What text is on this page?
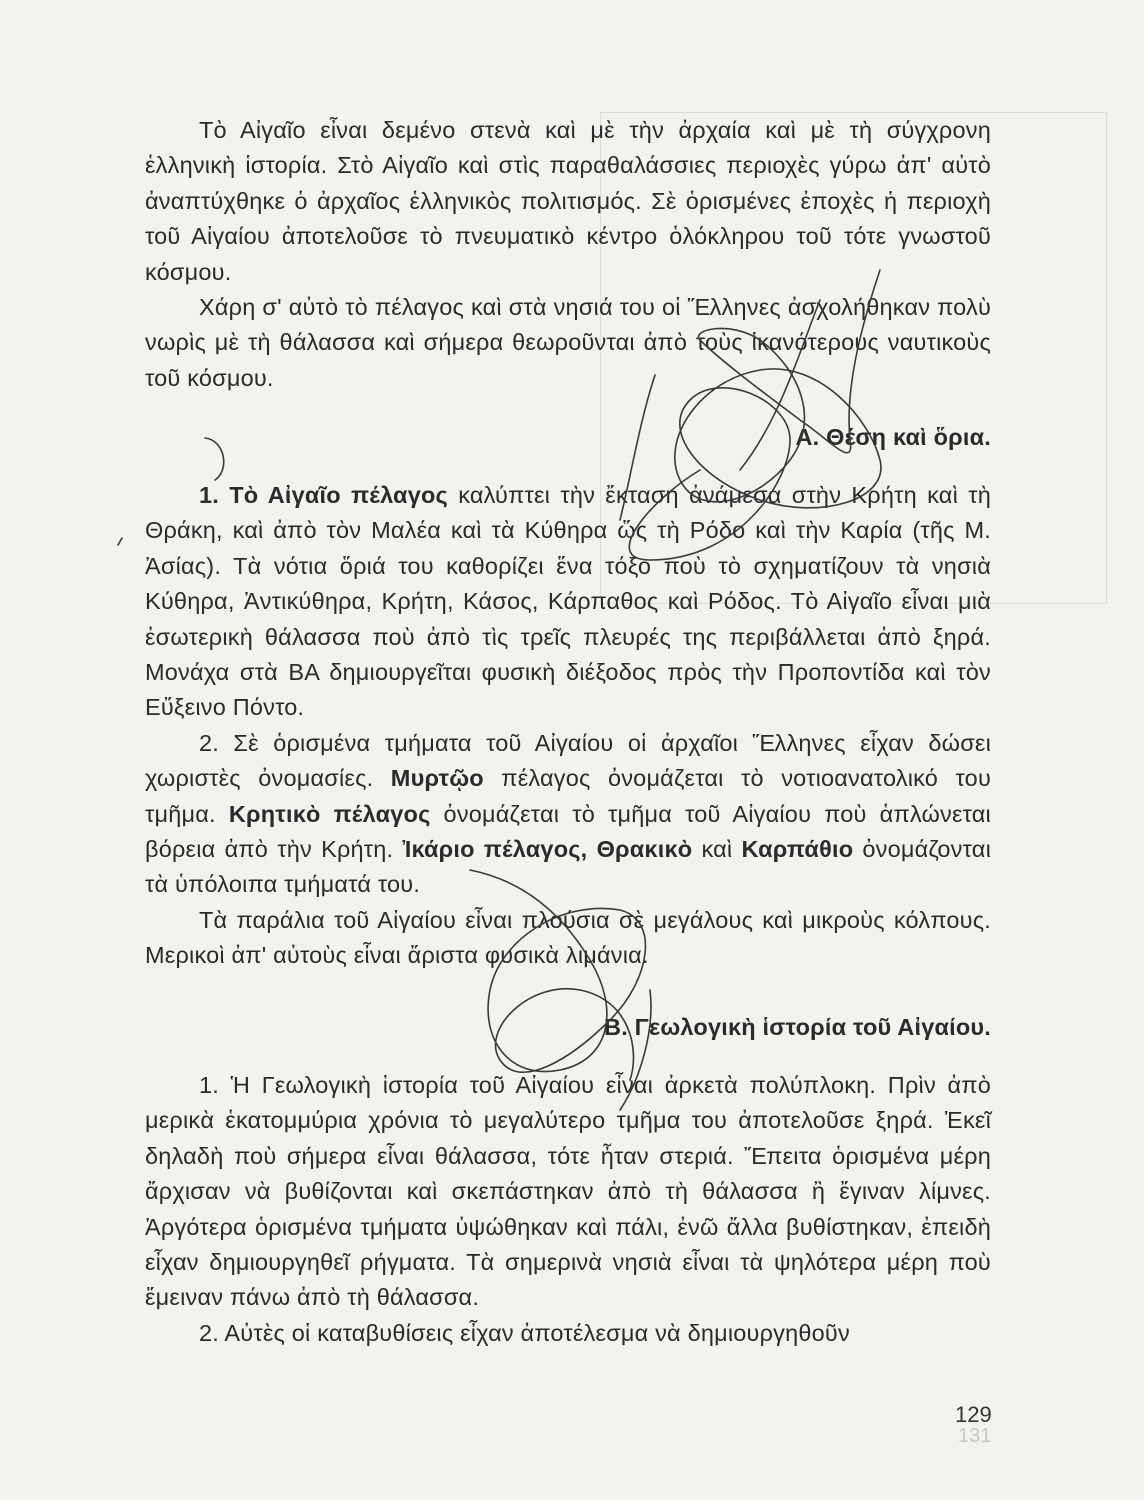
Τὸ Αἰγαῖο εἶναι δεμένο στενὰ καὶ μὲ τὴν ἀρχαία καὶ μὲ τὴ σύγχρονη ἑλληνικὴ ἱστορία. Στὸ Αἰγαῖο καὶ στὶς παραθαλάσσιες περιοχὲς γύρω ἀπ' αὐτὸ ἀναπτύχθηκε ὁ ἀρχαῖος ἑλληνικὸς πολιτισμός. Σὲ ὁρισμένες ἐποχὲς ἡ περιοχὴ τοῦ Αἰγαίου ἀποτελοῦσε τὸ πνευματικὸ κέντρο ὁλόκληρου τοῦ τότε γνωστοῦ κόσμου.

Χάρη σ' αὐτὸ τὸ πέλαγος καὶ στὰ νησιά του οἱ Ἕλληνες ἀσχολήθηκαν πολὺ νωρὶς μὲ τὴ θάλασσα καὶ σήμερα θεωροῦνται ἀπὸ τοὺς ἱκανότερους ναυτικοὺς τοῦ κόσμου.

Α. Θέση καὶ ὅρια.

1. Τὸ Αἰγαῖο πέλαγος καλύπτει τὴν ἔκταση ἀνάμεσα στὴν Κρήτη καὶ τὴ Θράκη, καὶ ἀπὸ τὸν Μαλέα καὶ τὰ Κύθηρα ὥς τὴ Ρόδο καὶ τὴν Καρία (τῆς Μ. Ἀσίας). Τὰ νότια ὅριά του καθορίζει ἕνα τόξο ποὺ τὸ σχηματίζουν τὰ νησιὰ Κύθηρα, Ἀντικύθηρα, Κρήτη, Κάσος, Κάρπαθος καὶ Ρόδος. Τὸ Αἰγαῖο εἶναι μιὰ ἐσωτερικὴ θάλασσα ποὺ ἀπὸ τὶς τρεῖς πλευρές της περιβάλλεται ἀπὸ ξηρά. Μονάχα στὰ ΒΑ δημιουργεῖται φυσικὴ διέξοδος πρὸς τὴν Προποντίδα καὶ τὸν Εὔξεινο Πόντο.

2. Σὲ ὁρισμένα τμήματα τοῦ Αἰγαίου οἱ ἀρχαῖοι Ἕλληνες εἶχαν δώσει χωριστὲς ὀνομασίες. Μυρτῷο πέλαγος ὀνομάζεται τὸ νοτιοανατολικό του τμῆμα. Κρητικὸ πέλαγος ὀνομάζεται τὸ τμῆμα τοῦ Αἰγαίου ποὺ ἁπλώνεται βόρεια ἀπὸ τὴν Κρήτη. Ἰκάριο πέλαγος, Θρακικὸ καὶ Καρπάθιο ὀνομάζονται τὰ ὑπόλοιπα τμήματά του.

Τὰ παράλια τοῦ Αἰγαίου εἶναι πλούσια σὲ μεγάλους καὶ μικροὺς κόλπους. Μερικοὶ ἀπ' αὐτοὺς εἶναι ἄριστα φυσικὰ λιμάνια.

Β. Γεωλογικὴ ἱστορία τοῦ Αἰγαίου.

1. Ἡ Γεωλογικὴ ἱστορία τοῦ Αἰγαίου εἶναι ἀρκετὰ πολύπλοκη. Πρὶν ἀπὸ μερικὰ ἑκατομμύρια χρόνια τὸ μεγαλύτερο τμῆμα του ἀποτελοῦσε ξηρά. Ἐκεῖ δηλαδὴ ποὺ σήμερα εἶναι θάλασσα, τότε ἦταν στεριά. Ἔπειτα ὁρισμένα μέρη ἄρχισαν νὰ βυθίζονται καὶ σκεπάστηκαν ἀπὸ τὴ θάλασσα ἢ ἔγιναν λίμνες. Ἀργότερα ὁρισμένα τμήματα ὑψώθηκαν καὶ πάλι, ἐνῶ ἄλλα βυθίστηκαν, ἐπειδὴ εἶχαν δημιουργηθεῖ ρήγματα. Τὰ σημερινὰ νησιὰ εἶναι τὰ ψηλότερα μέρη ποὺ ἔμειναν πάνω ἀπὸ τὴ θάλασσα.

2. Αὐτὲς οἱ καταβυθίσεις εἶχαν ἀποτέλεσμα νὰ δημιουργηθοῦν

129
131
